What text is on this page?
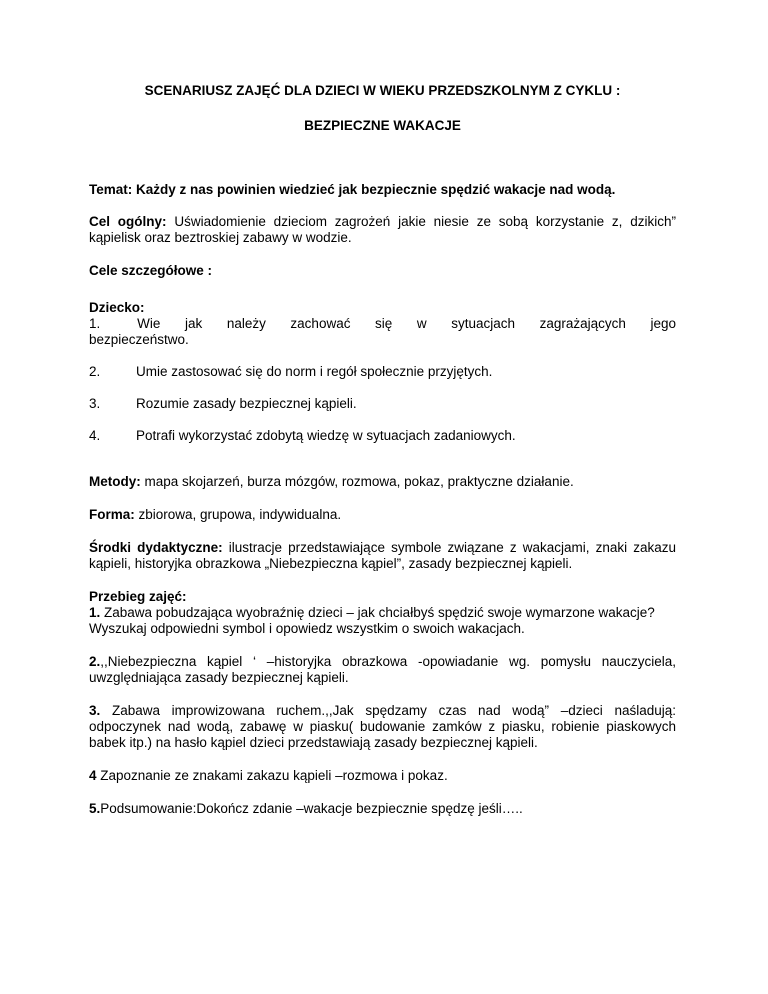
SCENARIUSZ ZAJĘĆ DLA DZIECI W WIEKU PRZEDSZKOLNYM Z CYKLU :

BEZPIECZNE WAKACJE

Temat: Każdy z nas powinien wiedzieć jak bezpiecznie spędzić wakacje nad wodą.

Cel ogólny: Uświadomienie dzieciom zagrożeń jakie niesie ze sobą korzystanie z, dzikich” kąpielisk oraz beztroskiej zabawy w wodzie.

Cele szczegółowe :

Dziecko:

1.      Wie    jak    należy    zachować    się    w    sytuacjach    zagrażających    jego

bezpieczeństwo.

2.	Umie zastosować się do norm i regół społecznie przyjętych.
3.	Rozumie zasady bezpiecznej kąpieli.
4.	Potrafi wykorzystać zdobytą wiedzę w sytuacjach zadaniowych.

Metody: mapa skojarzeń, burza mózgów, rozmowa, pokaz, praktyczne działanie.

Forma: zbiorowa, grupowa, indywidualna.

Środki dydaktyczne: ilustracje przedstawiające symbole związane z wakacjami, znaki zakazu kąpieli, historyjka obrazkowa „Niebezpieczna kąpiel”, zasady bezpiecznej kąpieli.

Przebieg zajęć:

1. Zabawa pobudzająca wyobraźnię dzieci – jak chciałbyś spędzić swoje wymarzone wakacje? Wyszukaj odpowiedni symbol i opowiedz wszystkim o swoich wakacjach.

2.,,Niebezpieczna kąpiel ‘ –historyjka obrazkowa -opowiadanie wg. pomysłu nauczyciela, uwzględniająca zasady bezpiecznej kąpieli.

3. Zabawa improwizowana ruchem.,,Jak spędzamy czas nad wodą” –dzieci naśladują: odpoczynek nad wodą, zabawę w piasku( budowanie zamków z piasku, robienie piaskowych babek itp.) na hasło kąpiel dzieci przedstawiają zasady bezpiecznej kąpieli.

4 Zapoznanie ze znakami zakazu kąpieli –rozmowa i pokaz.

5.Podsumowanie:Dokończ zdanie –wakacje bezpiecznie spędzę jeśli…..
